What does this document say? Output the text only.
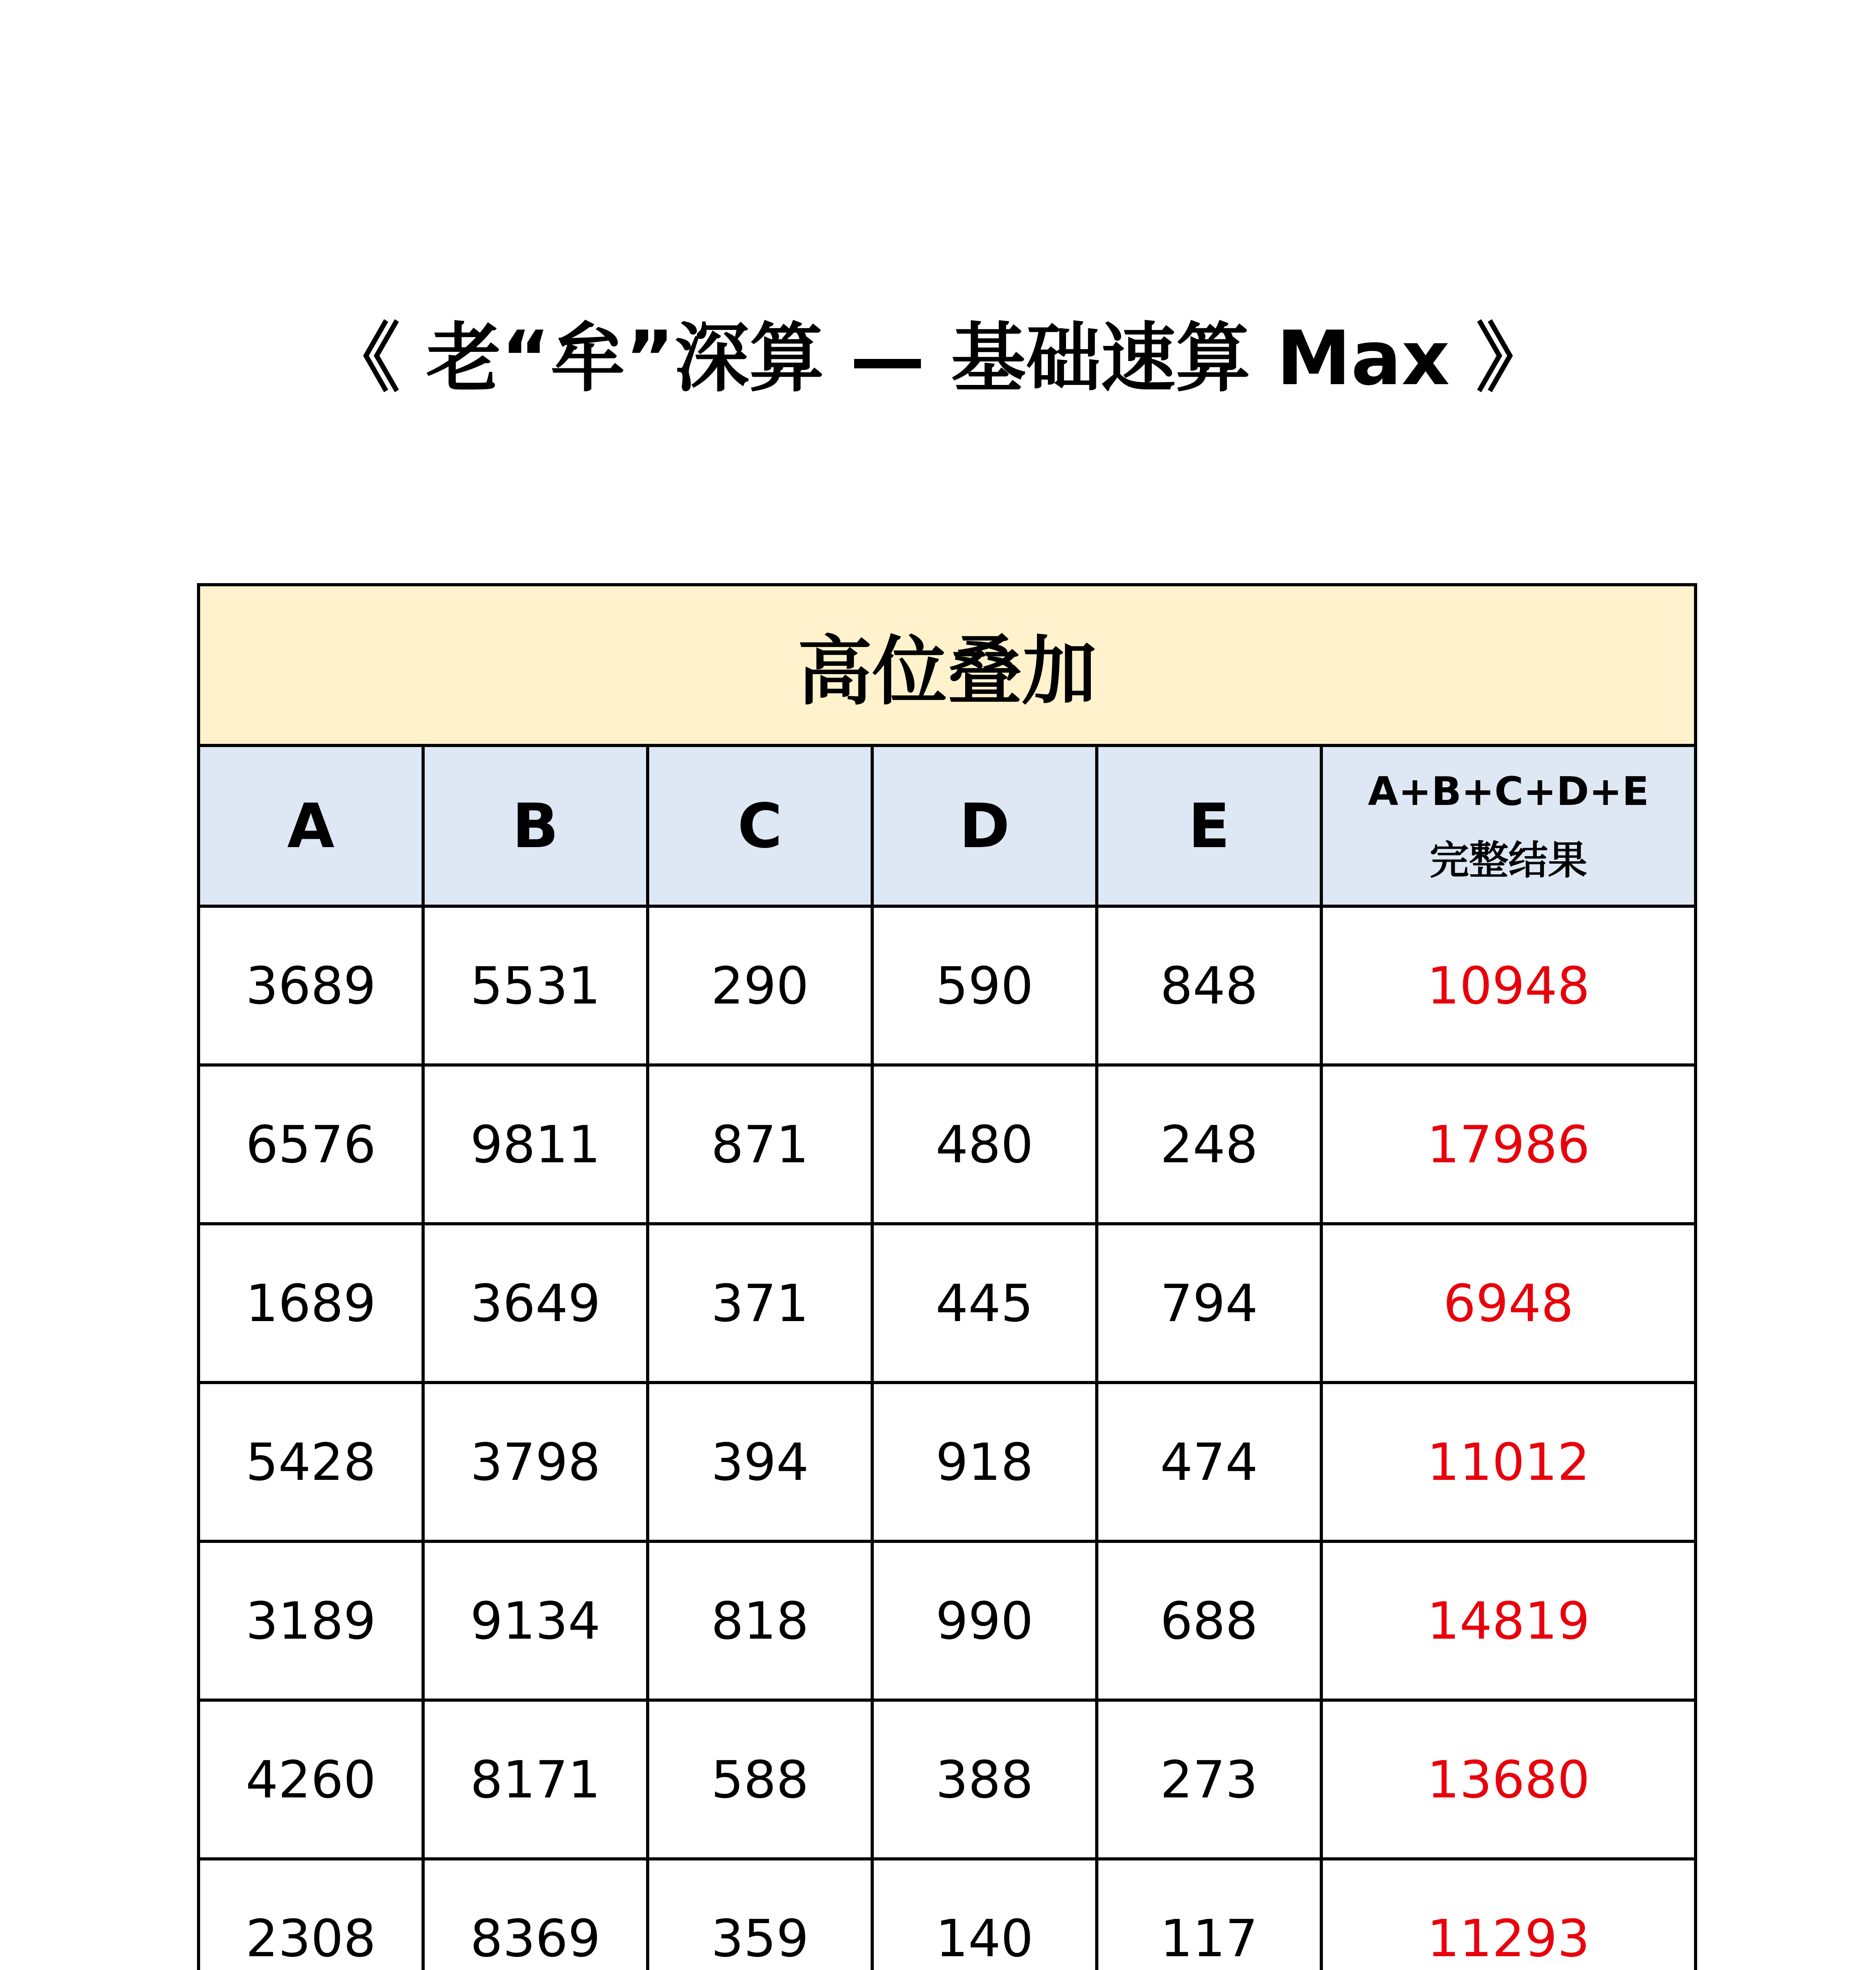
《 老“牟”深算 — 基础速算 Max 》
高位叠加					
A	B	C	D	E	A+B+C+D+E
完整结果

3689	5531	290	590	848	10948
6576	9811	871	480	248	17986
1689	3649	371	445	794	6948
5428	3798	394	918	474	11012
3189	9134	818	990	688	14819
4260	8171	588	388	273	13680
2308	8369	359	140	117	11293
